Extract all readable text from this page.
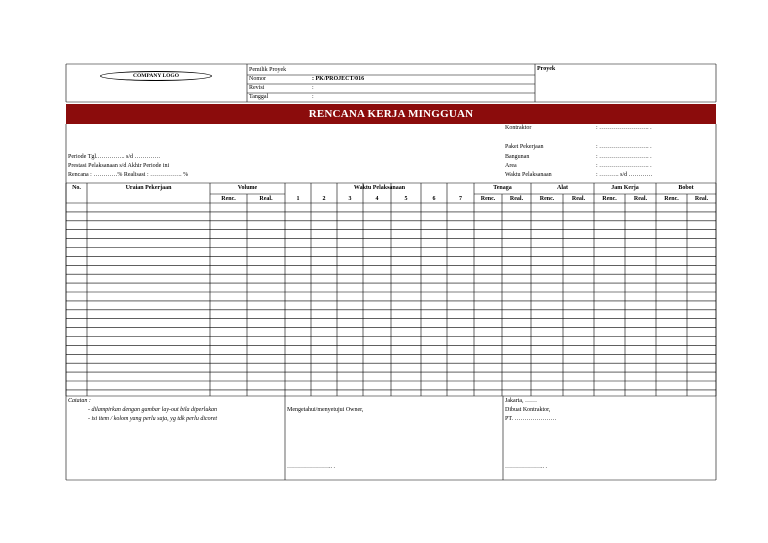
COMPANY LOGO
Pemilik Proyek
Nomor	: PK/PROJECT/016
Revisi	:
Tanggal	:
Proyek
RENCANA KERJA MINGGUAN
Kontraktor	: ……………………. .
Paket Pekerjaan	: ……………………. .
Bangunan	: ……………………. .
Area	: ……………………. .
Waktu Pelaksanaan	: ………. s/d …………
Periode Tgl.………….. s/d ………….
Prestasi Pelaksanaan s/d Akhir Periode ini
Rencana : …………% Realisasi : ……………. %
No.	Uraian Pekerjaan	Volume	Waktu Pelaksanaan	Tenaga	Alat	Jam Kerja	Bobot
Renc.	Real.	Renc.	Real.	Renc.	Real.	Renc.	Real.	Renc.	Real.
1	2	3	4	5	6	7
Catatan :
- dilampirkan dengan gambar lay-out bila diperlukan
- isi item / kolom yang perlu saja, yg tdk perlu dicoret
Mengetahui/menyetujui Owner,
………………….. .
Jakarta, ……
Dibuat Kontraktor,
PT. …………………
……………….. .
